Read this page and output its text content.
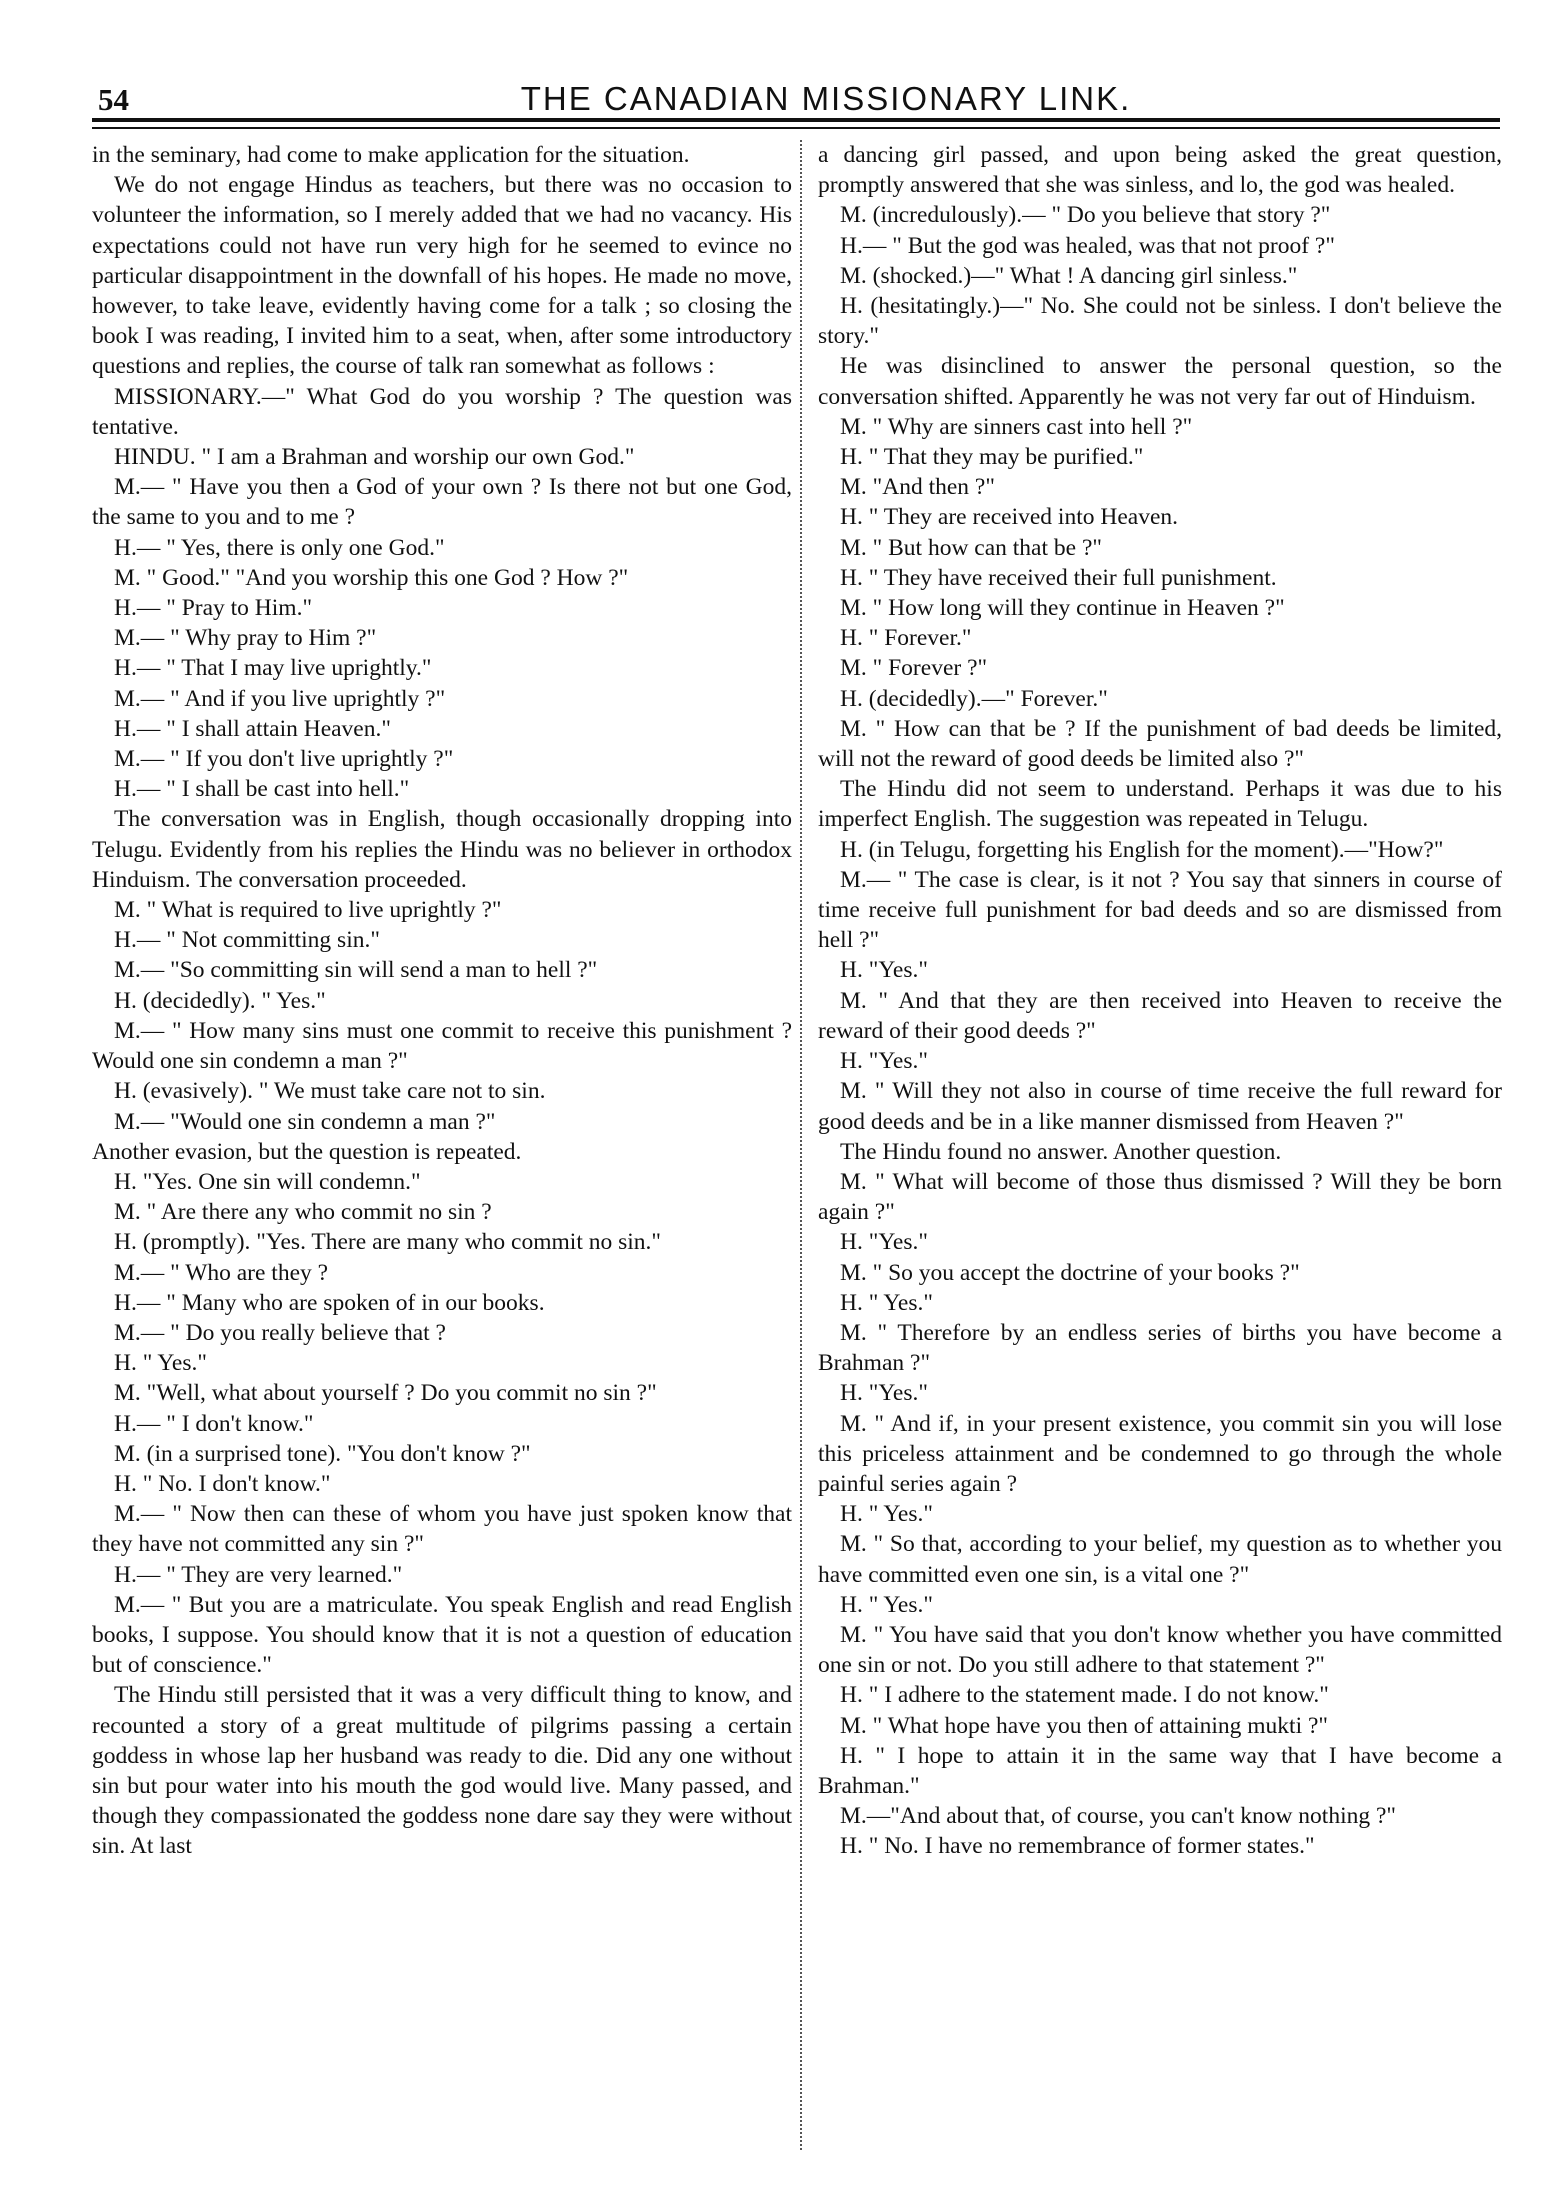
54	THE CANADIAN MISSIONARY LINK.

in the seminary, had come to make application for the situation.

We do not engage Hindus as teachers, but there was no occasion to volunteer the information, so I merely added that we had no vacancy. His expectations could not have run very high for he seemed to evince no particular disappointment in the downfall of his hopes. He made no move, however, to take leave, evidently having come for a talk ; so closing the book I was reading, I invited him to a seat, when, after some introductory questions and replies, the course of talk ran somewhat as follows :

MISSIONARY.—" What God do you worship ? The question was tentative.

HINDU. " I am a Brahman and worship our own God."

M.— " Have you then a God of your own ? Is there not but one God, the same to you and to me ?

H.— " Yes, there is only one God."

M. " Good." "And you worship this one God ? How ?"

H.— " Pray to Him."

M.— " Why pray to Him ?"

H.— " That I may live uprightly."

M.— " And if you live uprightly ?"

H.— " I shall attain Heaven."

M.— " If you don't live uprightly ?"

H.— " I shall be cast into hell."

The conversation was in English, though occasionally dropping into Telugu. Evidently from his replies the Hindu was no believer in orthodox Hinduism. The conversation proceeded.

M. " What is required to live uprightly ?"

H.— " Not committing sin."

M.— "So committing sin will send a man to hell ?"

H. (decidedly). " Yes."

M.— " How many sins must one commit to receive this punishment ? Would one sin condemn a man ?"

H. (evasively). " We must take care not to sin.

M.— "Would one sin condemn a man ?"

Another evasion, but the question is repeated.

H. "Yes. One sin will condemn."

M. " Are there any who commit no sin ?

H. (promptly). "Yes. There are many who commit no sin."

M.— " Who are they ?

H.— " Many who are spoken of in our books.

M.— " Do you really believe that ?

H. " Yes."

M. "Well, what about yourself ? Do you commit no sin ?"

H.— " I don't know."

M. (in a surprised tone). "You don't know ?"

H. " No. I don't know."

M.— " Now then can these of whom you have just spoken know that they have not committed any sin ?"

H.— " They are very learned."

M.— " But you are a matriculate. You speak English and read English books, I suppose. You should know that it is not a question of education but of conscience."

The Hindu still persisted that it was a very difficult thing to know, and recounted a story of a great multitude of pilgrims passing a certain goddess in whose lap her husband was ready to die. Did any one without sin but pour water into his mouth the god would live. Many passed, and though they compassionated the goddess none dare say they were without sin. At last

a dancing girl passed, and upon being asked the great question, promptly answered that she was sinless, and lo, the god was healed.

M. (incredulously).— " Do you believe that story ?"

H.— " But the god was healed, was that not proof ?"

M. (shocked.)—" What ! A dancing girl sinless."

H. (hesitatingly.)—" No. She could not be sinless. I don't believe the story."

He was disinclined to answer the personal question, so the conversation shifted. Apparently he was not very far out of Hinduism.

M. " Why are sinners cast into hell ?"

H. " That they may be purified."

M. "And then ?"

H. " They are received into Heaven.

M. " But how can that be ?"

H. " They have received their full punishment.

M. " How long will they continue in Heaven ?"

H. " Forever."

M. " Forever ?"

H. (decidedly).—" Forever."

M. " How can that be ? If the punishment of bad deeds be limited, will not the reward of good deeds be limited also ?"

The Hindu did not seem to understand. Perhaps it was due to his imperfect English. The suggestion was repeated in Telugu.

H. (in Telugu, forgetting his English for the moment).—"How?"

M.— " The case is clear, is it not ? You say that sinners in course of time receive full punishment for bad deeds and so are dismissed from hell ?"

H. "Yes."

M. " And that they are then received into Heaven to receive the reward of their good deeds ?"

H. "Yes."

M. " Will they not also in course of time receive the full reward for good deeds and be in a like manner dismissed from Heaven ?"

The Hindu found no answer. Another question.

M. " What will become of those thus dismissed ? Will they be born again ?"

H. "Yes."

M. " So you accept the doctrine of your books ?"

H. " Yes."

M. " Therefore by an endless series of births you have become a Brahman ?"

H. "Yes."

M. " And if, in your present existence, you commit sin you will lose this priceless attainment and be condemned to go through the whole painful series again ?

H. " Yes."

M. " So that, according to your belief, my question as to whether you have committed even one sin, is a vital one ?"

H. " Yes."

M. " You have said that you don't know whether you have committed one sin or not. Do you still adhere to that statement ?"

H. " I adhere to the statement made. I do not know."

M. " What hope have you then of attaining mukti ?"

H. " I hope to attain it in the same way that I have become a Brahman."

M.—"And about that, of course, you can't know nothing ?"

H. " No. I have no remembrance of former states."
